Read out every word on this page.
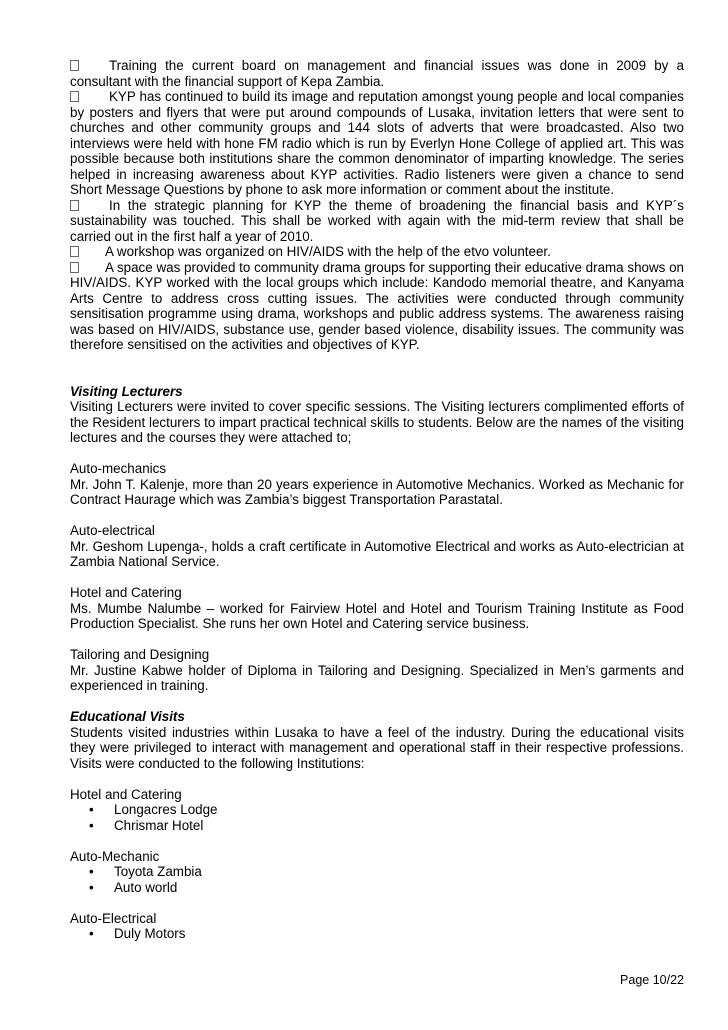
Training the current board on management and financial issues was done in 2009 by a consultant with the financial support of Kepa Zambia.

KYP has continued to build its image and reputation amongst young people and local companies by posters and flyers that were put around compounds of Lusaka, invitation letters that were sent to churches and other community groups and 144 slots of adverts that were broadcasted. Also two interviews were held with hone FM radio which is run by Everlyn Hone College of applied art. This was possible because both institutions share the common denominator of imparting knowledge. The series helped in increasing awareness about KYP activities. Radio listeners were given a chance to send Short Message Questions by phone to ask more information or comment about the institute.

In the strategic planning for KYP the theme of broadening the financial basis and KYP´s sustainability was touched. This shall be worked with again with the mid-term review that shall be carried out in the first half a year of 2010.

A workshop was organized on HIV/AIDS with the help of the etvo volunteer.

A space was provided to community drama groups for supporting their educative drama shows on HIV/AIDS. KYP worked with the local groups which include: Kandodo memorial theatre, and Kanyama Arts Centre to address cross cutting issues. The activities were conducted through community sensitisation programme using drama, workshops and public address systems. The awareness raising was based on HIV/AIDS, substance use, gender based violence, disability issues. The community was therefore sensitised on the activities and objectives of KYP.

Visiting Lecturers

Visiting Lecturers were invited to cover specific sessions. The Visiting lecturers complimented efforts of the Resident lecturers to impart practical technical skills to students. Below are the names of the visiting lectures and the courses they were attached to;

Auto-mechanics

Mr. John T. Kalenje, more than 20 years experience in Automotive Mechanics. Worked as Mechanic for Contract Haurage which was Zambia’s biggest Transportation Parastatal.

Auto-electrical

Mr. Geshom Lupenga-, holds a craft certificate in Automotive Electrical and works as Auto-electrician at Zambia National Service.

Hotel and Catering

Ms. Mumbe Nalumbe – worked for Fairview Hotel and Hotel and Tourism Training Institute as Food Production Specialist. She runs her own Hotel and Catering service business.

Tailoring and Designing

Mr. Justine Kabwe holder of Diploma in Tailoring and Designing. Specialized in Men’s garments and experienced in training.

Educational Visits

Students visited industries within Lusaka to have a feel of the industry. During the educational visits they were privileged to interact with management and operational staff in their respective professions. Visits were conducted to the following Institutions:

Hotel and Catering

• Longacres Lodge
• Chrismar Hotel

Auto-Mechanic

• Toyota Zambia
• Auto world

Auto-Electrical

• Duly Motors
Page 10/22
